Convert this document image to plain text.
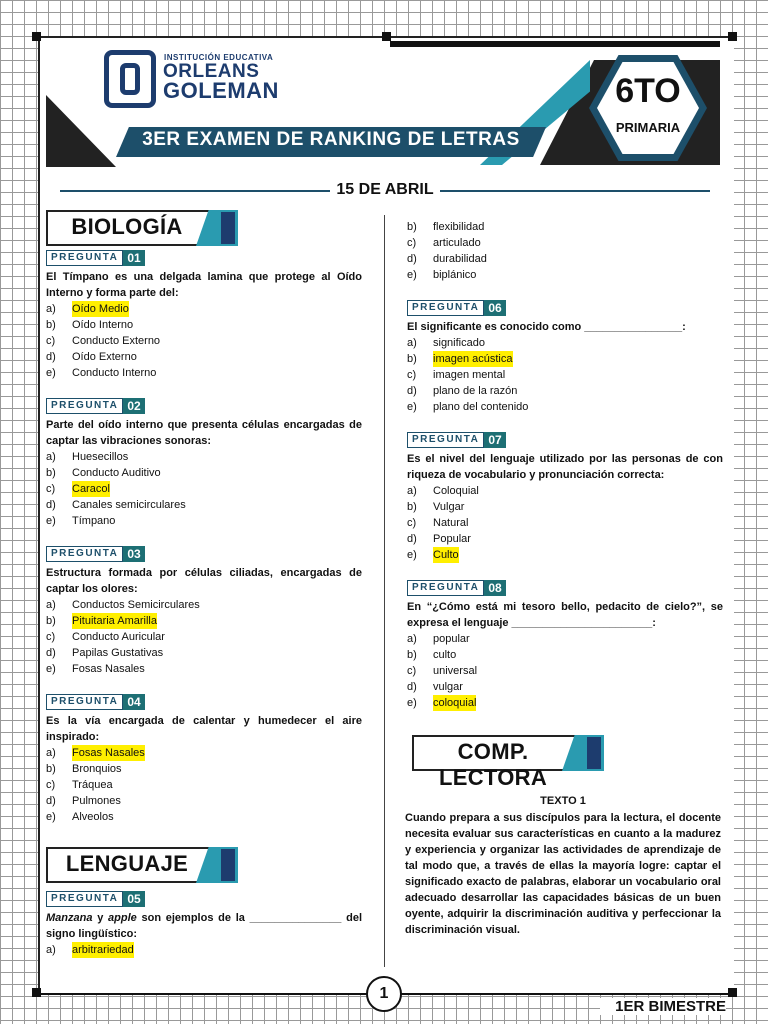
INSTITUCIÓN EDUCATIVA
ORLEANS
GOLEMAN
3ER EXAMEN DE RANKING DE LETRAS
6TO
PRIMARIA
15 DE ABRIL
BIOLOGÍA
LENGUAJE
COMP. LECTORA
PREGUNTA 01
El Tímpano es una delgada lamina que protege al Oído Interno y forma parte del:
a)	Oído Medio
b)	Oído Interno
c)	Conducto Externo
d)	Oído Externo
e)	Conducto Interno
PREGUNTA 02
Parte del oído interno que presenta células encargadas de captar las vibraciones sonoras:
a)	Huesecillos
b)	Conducto Auditivo
c)	Caracol
d)	Canales semicirculares
e)	Tímpano
PREGUNTA 03
Estructura formada por células ciliadas, encargadas de captar los olores:
a)	Conductos Semicirculares
b)	Pituitaria Amarilla
c)	Conducto Auricular
d)	Papilas Gustativas
e)	Fosas Nasales
PREGUNTA 04
Es la vía encargada de calentar y humedecer el aire inspirado:
a)	Fosas Nasales
b)	Bronquios
c)	Tráquea
d)	Pulmones
e)	Alveolos
PREGUNTA 05
Manzana y apple son ejemplos de la _______________ del signo lingüístico:
a)	arbitrariedad
b)	flexibilidad
c)	articulado
d)	durabilidad
e)	biplánico
PREGUNTA 06
El significante es conocido como ________________:
a)	significado
b)	imagen acústica
c)	imagen mental
d)	plano de la razón
e)	plano del contenido
PREGUNTA 07
Es el nivel del lenguaje utilizado por las personas de con riqueza de vocabulario y pronunciación correcta:
a)	Coloquial
b)	Vulgar
c)	Natural
d)	Popular
e)	Culto
PREGUNTA 08
En “¿Cómo está mi tesoro bello, pedacito de cielo?”, se expresa el lenguaje _______________________:
a)	popular
b)	culto
c)	universal
d)	vulgar
e)	coloquial
TEXTO 1
Cuando prepara a sus discípulos para la lectura, el docente necesita evaluar sus características en cuanto a la madurez y experiencia y organizar las actividades de aprendizaje de tal modo que, a través de ellas la mayoría logre: captar el significado exacto de palabras, elaborar un vocabulario oral adecuado desarrollar las capacidades básicas de un buen oyente, adquirir la discriminación auditiva y perfeccionar la discriminación visual.
1
1ER BIMESTRE
